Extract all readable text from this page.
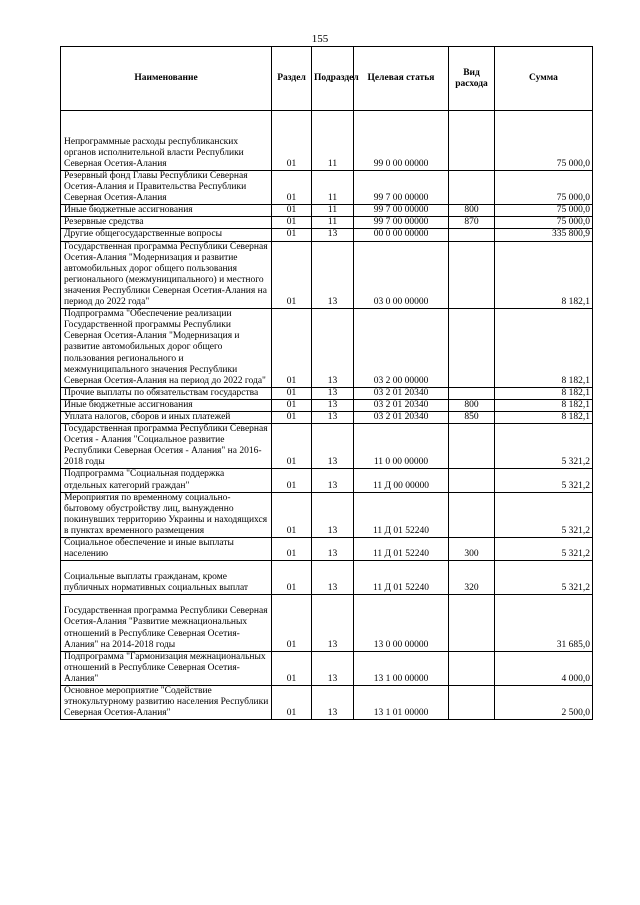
155
Наименование	Раздел	Подраздел	Целевая статья	Вид расхода	Сумма
Непрограммные расходы республиканских органов исполнительной власти Республики Северная Осетия-Алания	01	11	99 0 00 00000		75 000,0
Резервный фонд Главы Республики Северная Осетия-Алания и Правительства Республики Северная Осетия-Алания	01	11	99 7 00 00000		75 000,0
Иные бюджетные ассигнования	01	11	99 7 00 00000	800	75 000,0
Резервные средства	01	11	99 7 00 00000	870	75 000,0
Другие общегосударственные вопросы	01	13	00 0 00 00000		335 800,9
Государственная программа Республики Северная Осетия-Алания "Модернизация и развитие автомобильных дорог общего пользования регионального (межмуниципального) и местного значения Республики Северная Осетия-Алания на период до 2022 года"	01	13	03 0 00 00000		8 182,1
Подпрограмма "Обеспечение реализации Государственной программы Республики Северная Осетия-Алания "Модернизация и развитие автомобильных дорог общего пользования регионального и межмуниципального значения Республики Северная Осетия-Алания на период до 2022 года"	01	13	03 2 00 00000		8 182,1
Прочие выплаты по обязательствам государства	01	13	03 2 01 20340		8 182,1
Иные бюджетные ассигнования	01	13	03 2 01 20340	800	8 182,1
Уплата налогов, сборов и иных платежей	01	13	03 2 01 20340	850	8 182,1
Государственная программа Республики Северная Осетия - Алания "Социальное развитие Республики Северная Осетия - Алания" на 2016-2018 годы	01	13	11 0 00 00000		5 321,2
Подпрограмма "Социальная поддержка отдельных категорий граждан"	01	13	11 Д 00 00000		5 321,2
Мероприятия по временному социально-бытовому обустройству лиц, вынужденно покинувших территорию Украины и находящихся в пунктах временного размещения	01	13	11 Д 01 52240		5 321,2
Социальное обеспечение и иные выплаты населению	01	13	11 Д 01 52240	300	5 321,2
Социальные выплаты гражданам, кроме публичных нормативных социальных выплат	01	13	11 Д 01 52240	320	5 321,2
Государственная программа Республики Северная Осетия-Алания "Развитие межнациональных отношений в Республике Северная Осетия-Алания" на 2014-2018 годы	01	13	13 0 00 00000		31 685,0
Подпрограмма "Гармонизация межнациональных отношений в Республике Северная Осетия-Алания"	01	13	13 1 00 00000		4 000,0
Основное мероприятие "Содействие этнокультурному развитию населения Республики Северная Осетия-Алания"	01	13	13 1 01 00000		2 500,0
